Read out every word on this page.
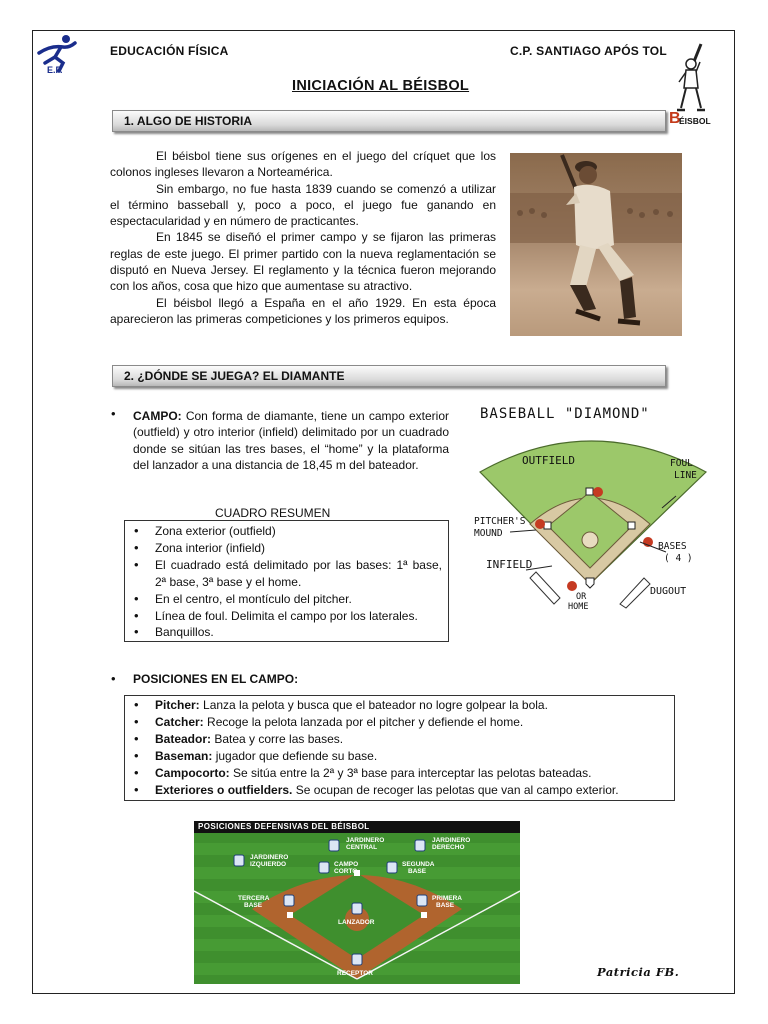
E.F.
EDUCACIÓN FÍSICA	C.P. SANTIAGO APÓS TOL
INICIACIÓN AL BÉISBOL
B
ÉISBOL
1. ALGO DE HISTORIA

El béisbol tiene sus orígenes en el juego del críquet que los colonos ingleses llevaron a Norteamérica.

Sin embargo, no fue hasta 1839 cuando se comenzó a utilizar el término basseball y, poco a poco, el juego fue ganando en espectacularidad y en número de practicantes.

En 1845 se diseñó el primer campo y se fijaron las primeras reglas de este juego. El primer partido con la nueva reglamentación se disputó en Nueva Jersey. El reglamento y la técnica fueron mejorando con los años, cosa que hizo que aumentase su atractivo.

El béisbol llegó a España en el año 1929. En esta época aparecieron las primeras competiciones y los primeros equipos.

2. ¿DÓNDE SE JUEGA? EL DIAMANTE
• CAMPO: Con forma de diamante, tiene un campo exterior (outfield) y otro interior (infield) delimitado por un cuadrado donde se sitúan las tres bases, el “home” y la plataforma del lanzador a una distancia de 18,45 m del bateador.

CUADRO RESUMEN
• Zona exterior (outfield)
• Zona interior (infield)
• El cuadrado está delimitado por las bases: 1ª base, 2ª base, 3ª base y el home.
• En el centro, el montículo del pitcher.
• Línea de foul. Delimita el campo por los laterales.
• Banquillos.
BASEBALL "DIAMOND"
OUTFIELD	FOUL
LINE
PITCHER'S
MOUND
INFIELD
BASES
( 4 )
OR
HOME
DUGOUT
• POSICIONES EN EL CAMPO:
• Pitcher: Lanza la pelota y busca que el bateador no logre golpear la bola.
• Catcher: Recoge la pelota lanzada por el pitcher y defiende el home.
• Bateador: Batea y corre las bases.
• Baseman: jugador que defiende su base.
• Campocorto: Se sitúa entre la 2ª y 3ª base para interceptar las pelotas bateadas.
• Exteriores o outfielders. Se ocupan de recoger las pelotas que van al campo exterior.
POSICIONES DEFENSIVAS DEL BÉISBOL
JARDINERO
CENTRAL
JARDINERO
DERECHO
JARDINERO
IZQUIERDO	CAMPO
CORTO
SEGUNDA
BASE
TERCERA
BASE
PRIMERA
BASE
LANZADOR
RECEPTOR	Patricia FB.
